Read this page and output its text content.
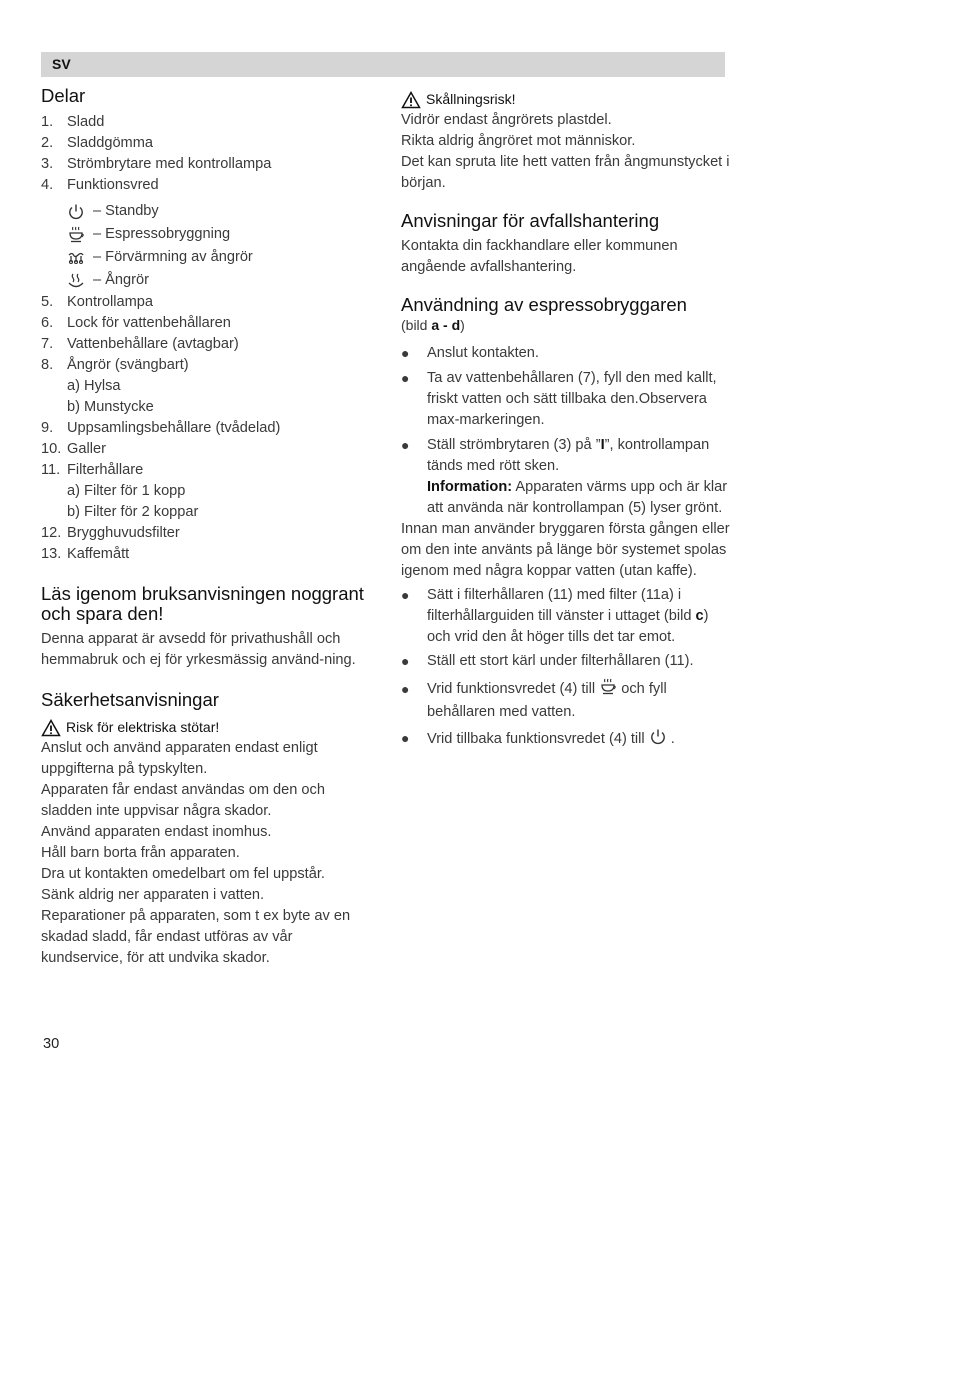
SV
Delar
1. Sladd
2. Sladdgömma
3. Strömbrytare med kontrollampa
4. Funktionsvred
– Standby
– Espressobryggning
– Förvärmning av ångrör
– Ångrör
5. Kontrollampa
6. Lock för vattenbehållaren
7. Vattenbehållare (avtagbar)
8. Ångrör (svängbart)
a) Hylsa
b) Munstycke
9. Uppsamlingsbehållare (tvådelad)
10. Galler
11. Filterhållare
a) Filter för 1 kopp
b) Filter för 2 koppar
12. Brygghuvudsfilter
13. Kaffemått
Läs igenom bruksanvisningen noggrant och spara den!

Denna apparat är avsedd för privathushåll och hemmabruk och ej för yrkesmässig använd-ning.

Säkerhetsanvisningar
Risk för elektriska stötar!

Anslut och använd apparaten endast enligt uppgifterna på typskylten.

Apparaten får endast användas om den och sladden inte uppvisar några skador.

Använd apparaten endast inomhus.

Håll barn borta från apparaten.

Dra ut kontakten omedelbart om fel uppstår.

Sänk aldrig ner apparaten i vatten.

Reparationer på apparaten, som t ex byte av en skadad sladd, får endast utföras av vår kundservice, för att undvika skador.

Skållningsrisk!

Vidrör endast ångrörets plastdel.

Rikta aldrig ångröret mot människor.

Det kan spruta lite hett vatten från ångmunstycket i början.

Anvisningar för avfallshantering

Kontakta din fackhandlare eller kommunen angående avfallshantering.

Användning av espressobryggaren

(bild a - d)

● Anslut kontakten.
● Ta av vattenbehållaren (7), fyll den med kallt, friskt vatten och sätt tillbaka den.Observera max-markeringen.
● Ställ strömbrytaren (3) på ”I”, kontrollampan tänds med rött sken.
Information: Apparaten värms upp och är klar att använda när kontrollampan (5) lyser grönt.

Innan man använder bryggaren första gången eller om den inte använts på länge bör systemet spolas igenom med några koppar vatten (utan kaffe).

● Sätt i filterhållaren (11) med filter (11a) i filterhållarguiden till vänster i uttaget (bild c) och vrid den åt höger tills det tar emot.
● Ställ ett stort kärl under filterhållaren (11).
● Vrid funktionsvredet (4) till  och fyll behållaren med vatten.
● Vrid tillbaka funktionsvredet (4) till  .
30
